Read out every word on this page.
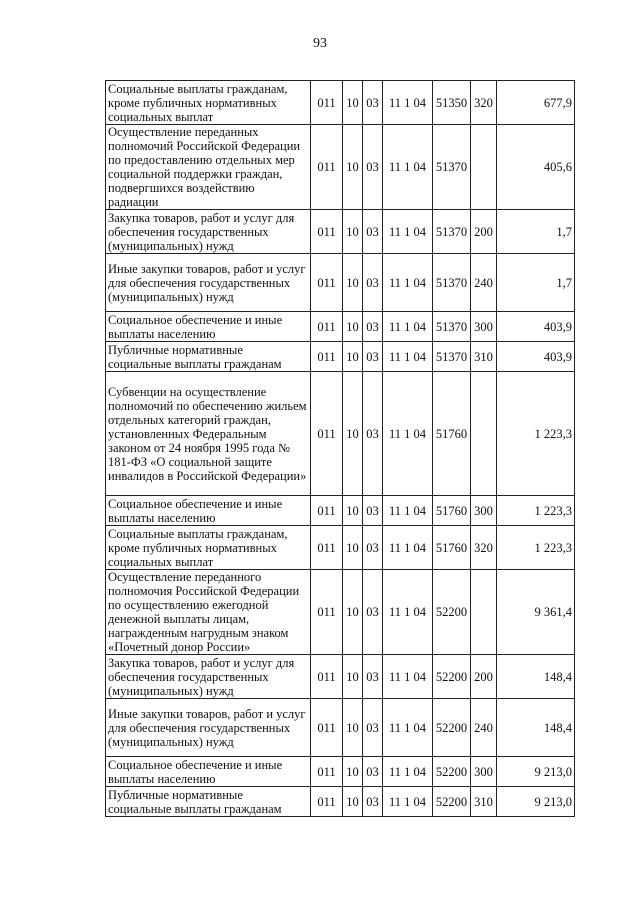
93
Социальные выплаты гражданам, кроме публичных нормативных социальных выплат	011	10	03	11 1 04	51350	320	677,9
Осуществление переданных полномочий Российской Федерации по предоставлению отдельных мер социальной поддержки граждан, подвергшихся воздействию радиации	011	10	03	11 1 04	51370		405,6
Закупка товаров, работ и услуг для обеспечения государственных (муниципальных) нужд	011	10	03	11 1 04	51370	200	1,7
Иные закупки товаров, работ и услуг для обеспечения государственных (муниципальных) нужд	011	10	03	11 1 04	51370	240	1,7
Социальное обеспечение и иные выплаты населению	011	10	03	11 1 04	51370	300	403,9
Публичные нормативные социальные выплаты гражданам	011	10	03	11 1 04	51370	310	403,9
Субвенции на осуществление полномочий по обеспечению жильем отдельных категорий граждан, установленных Федеральным законом от 24 ноября 1995 года № 181-ФЗ «О социальной защите инвалидов в Российской Федерации»	011	10	03	11 1 04	51760		1 223,3
Социальное обеспечение и иные выплаты населению	011	10	03	11 1 04	51760	300	1 223,3
Социальные выплаты гражданам, кроме публичных нормативных социальных выплат	011	10	03	11 1 04	51760	320	1 223,3
Осуществление переданного полномочия Российской Федерации по осуществлению ежегодной денежной выплаты лицам, награжденным нагрудным знаком «Почетный донор России»	011	10	03	11 1 04	52200		9 361,4
Закупка товаров, работ и услуг для обеспечения государственных (муниципальных) нужд	011	10	03	11 1 04	52200	200	148,4
Иные закупки товаров, работ и услуг для обеспечения государственных (муниципальных) нужд	011	10	03	11 1 04	52200	240	148,4
Социальное обеспечение и иные выплаты населению	011	10	03	11 1 04	52200	300	9 213,0
Публичные нормативные социальные выплаты гражданам	011	10	03	11 1 04	52200	310	9 213,0
